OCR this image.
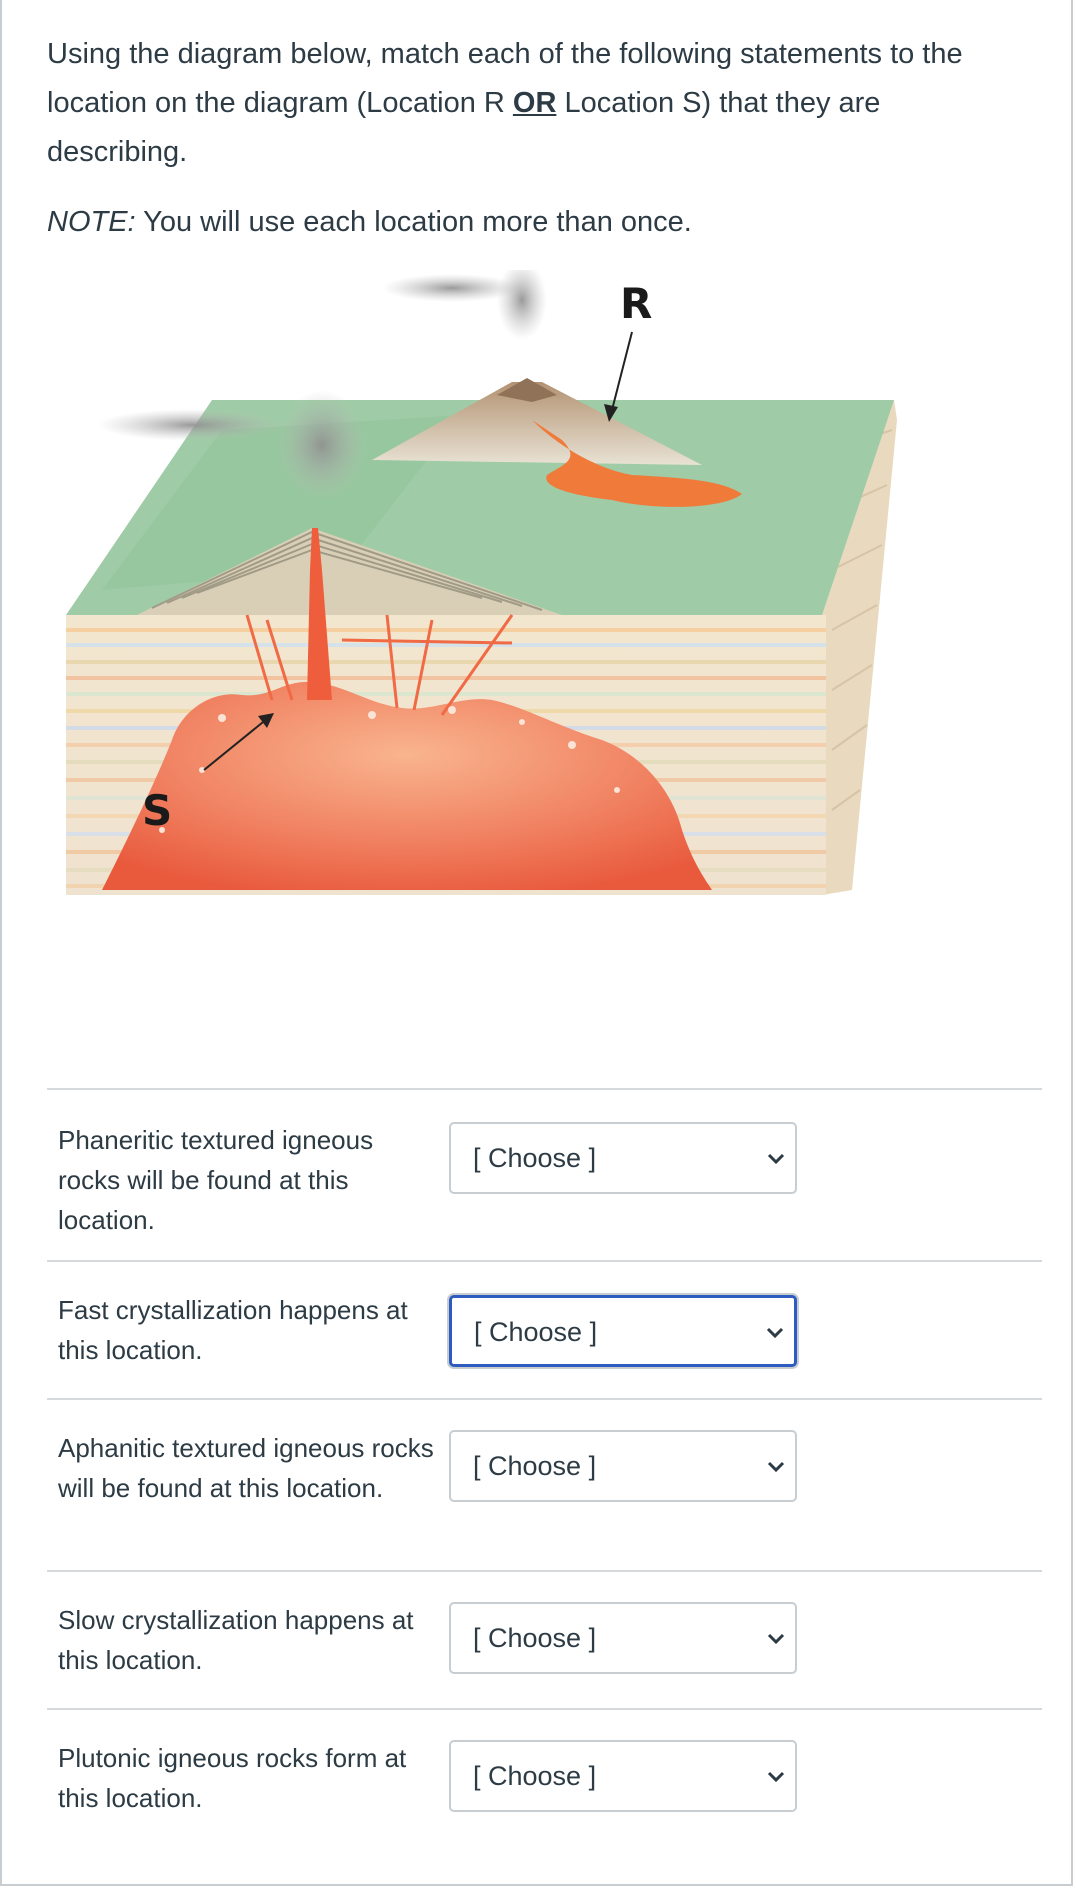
Using the diagram below, match each of the following statements to the location on the diagram (Location R OR Location S) that they are describing.
NOTE: You will use each location more than once.
R
S
Phaneritic textured igneous rocks will be found at this location.
[ Choose ]
Fast crystallization happens at this location.
[ Choose ]
Aphanitic textured igneous rocks will be found at this location.
[ Choose ]
Slow crystallization happens at this location.
[ Choose ]
Plutonic igneous rocks form at this location.
[ Choose ]
